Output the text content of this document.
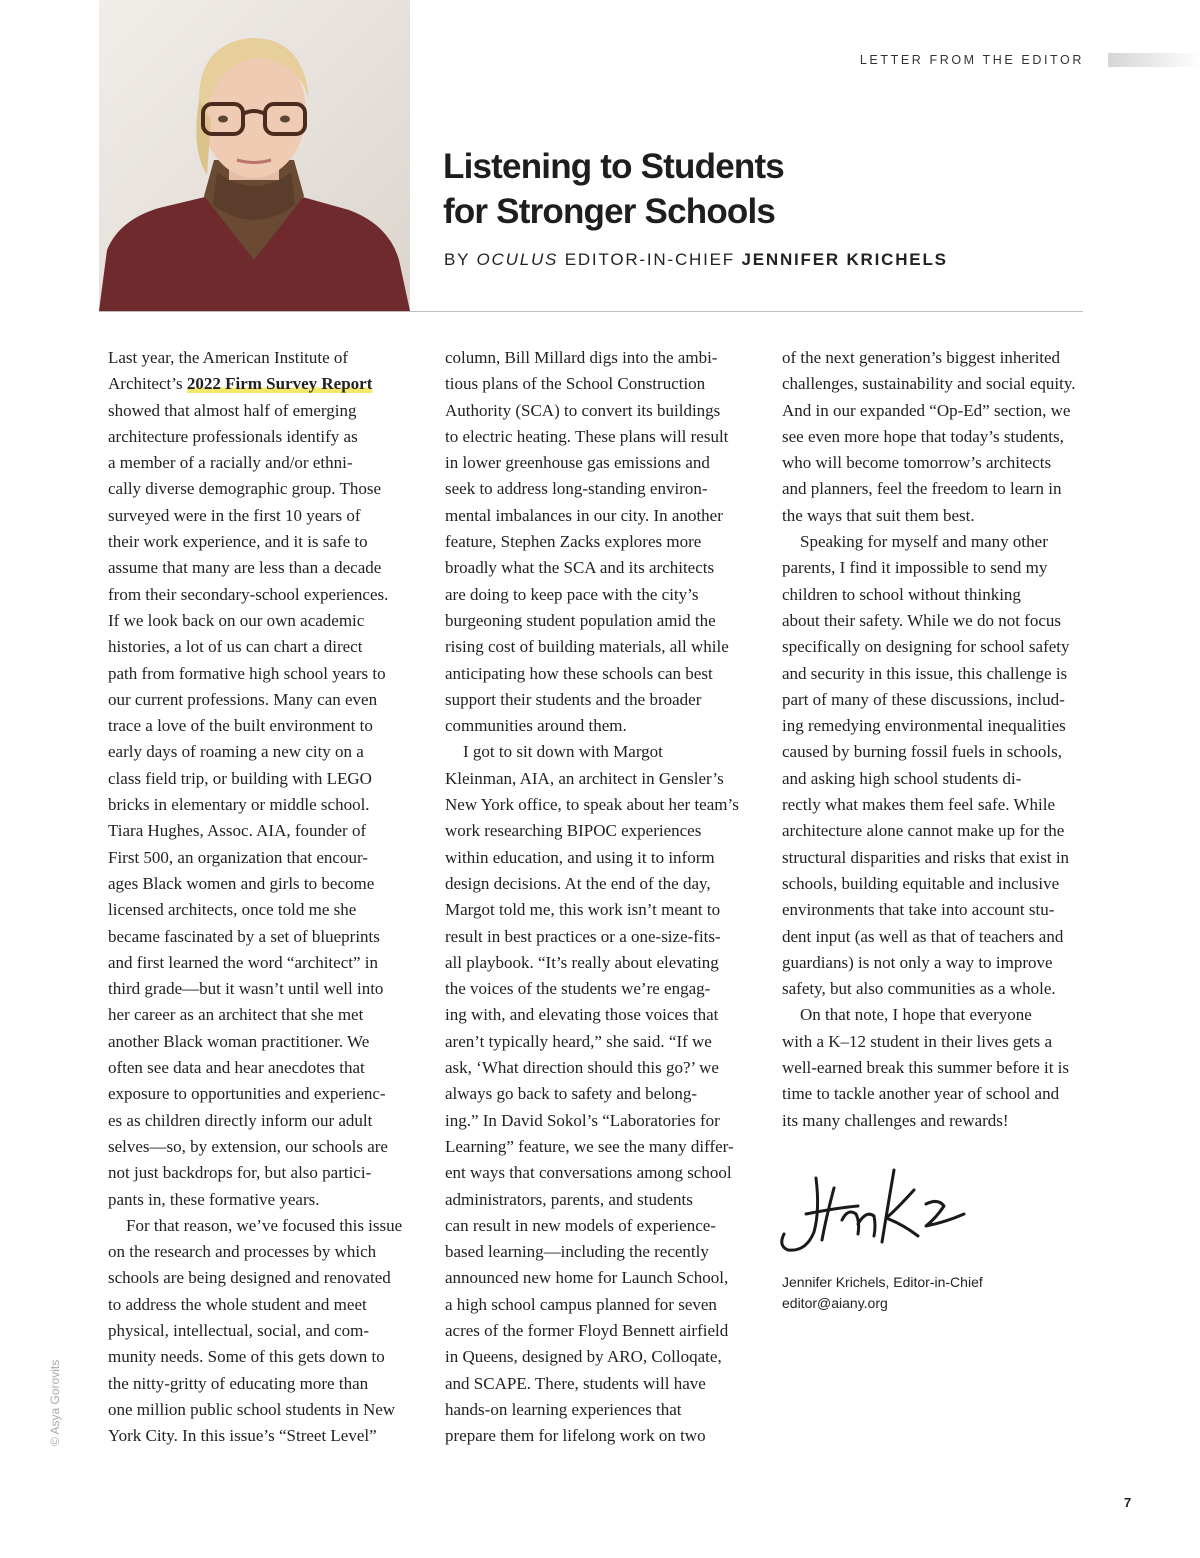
LETTER FROM THE EDITOR
Listening to Students
for Stronger Schools
BY OCULUS EDITOR-IN-CHIEF JENNIFER KRICHELS
Last year, the American Institute of
Architect’s 2022 Firm Survey Report
showed that almost half of emerging
architecture professionals identify as
a member of a racially and/or ethni-
cally diverse demographic group. Those
surveyed were in the first 10 years of
their work experience, and it is safe to
assume that many are less than a decade
from their secondary-school experiences.
If we look back on our own academic
histories, a lot of us can chart a direct
path from formative high school years to
our current professions. Many can even
trace a love of the built environment to
early days of roaming a new city on a
class field trip, or building with LEGO
bricks in elementary or middle school.
Tiara Hughes, Assoc. AIA, founder of
First 500, an organization that encour-
ages Black women and girls to become
licensed architects, once told me she
became fascinated by a set of blueprints
and first learned the word “architect” in
third grade—but it wasn’t until well into
her career as an architect that she met
another Black woman practitioner. We
often see data and hear anecdotes that
exposure to opportunities and experienc-
es as children directly inform our adult
selves—so, by extension, our schools are
not just backdrops for, but also partici-
pants in, these formative years.
For that reason, we’ve focused this issue
on the research and processes by which
schools are being designed and renovated
to address the whole student and meet
physical, intellectual, social, and com-
munity needs. Some of this gets down to
the nitty-gritty of educating more than
one million public school students in New
York City. In this issue’s “Street Level”
column, Bill Millard digs into the ambi-
tious plans of the School Construction
Authority (SCA) to convert its buildings
to electric heating. These plans will result
in lower greenhouse gas emissions and
seek to address long-standing environ-
mental imbalances in our city. In another
feature, Stephen Zacks explores more
broadly what the SCA and its architects
are doing to keep pace with the city’s
burgeoning student population amid the
rising cost of building materials, all while
anticipating how these schools can best
support their students and the broader
communities around them.
I got to sit down with Margot
Kleinman, AIA, an architect in Gensler’s
New York office, to speak about her team’s
work researching BIPOC experiences
within education, and using it to inform
design decisions. At the end of the day,
Margot told me, this work isn’t meant to
result in best practices or a one-size-fits-
all playbook. “It’s really about elevating
the voices of the students we’re engag-
ing with, and elevating those voices that
aren’t typically heard,” she said. “If we
ask, ‘What direction should this go?’ we
always go back to safety and belong-
ing.” In David Sokol’s “Laboratories for
Learning” feature, we see the many differ-
ent ways that conversations among school
administrators, parents, and students
can result in new models of experience-
based learning—including the recently
announced new home for Launch School,
a high school campus planned for seven
acres of the former Floyd Bennett airfield
in Queens, designed by ARO, Colloqate,
and SCAPE. There, students will have
hands-on learning experiences that
prepare them for lifelong work on two
of the next generation’s biggest inherited
challenges, sustainability and social equity.
And in our expanded “Op-Ed” section, we
see even more hope that today’s students,
who will become tomorrow’s architects
and planners, feel the freedom to learn in
the ways that suit them best.
Speaking for myself and many other
parents, I find it impossible to send my
children to school without thinking
about their safety. While we do not focus
specifically on designing for school safety
and security in this issue, this challenge is
part of many of these discussions, includ-
ing remedying environmental inequalities
caused by burning fossil fuels in schools,
and asking high school students di-
rectly what makes them feel safe. While
architecture alone cannot make up for the
structural disparities and risks that exist in
schools, building equitable and inclusive
environments that take into account stu-
dent input (as well as that of teachers and
guardians) is not only a way to improve
safety, but also communities as a whole.
On that note, I hope that everyone
with a K–12 student in their lives gets a
well-earned break this summer before it is
time to tackle another year of school and
its many challenges and rewards!
Jennifer Krichels, Editor-in-Chief
editor@aiany.org
© Asya Gorovits
7
